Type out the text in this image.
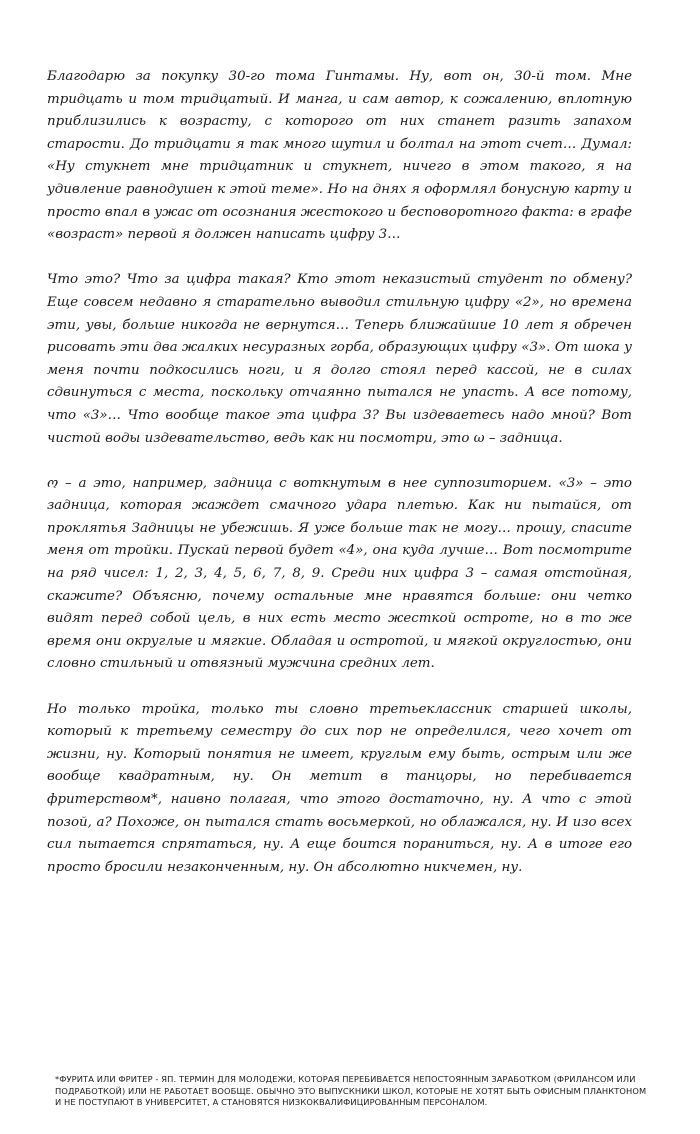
Благодарю за покупку 30-го тома Гинтамы. Ну, вот он, 30-й том. Мне тридцать и том тридцатый. И манга, и сам автор, к сожалению, вплотную приблизились к возрасту, с которого от них станет разить запахом старости. До тридцати я так много шутил и болтал на этот счет… Думал: «Ну стукнет мне тридцатник и стукнет, ничего в этом такого, я на удивление равнодушен к этой теме». Но на днях я оформлял бонусную карту и просто впал в ужас от осознания жестокого и бесповоротного факта: в графе «возраст» первой я должен написать цифру 3…

Что это? Что за цифра такая? Кто этот неказистый студент по обмену? Еще совсем недавно я старательно выводил стильную цифру «2», но времена эти, увы, больше никогда не вернутся… Теперь ближайшие 10 лет я обречен рисовать эти два жалких несуразных горба, образующих цифру «3». От шока у меня почти подкосились ноги, и я долго стоял перед кассой, не в силах сдвинуться с места, поскольку отчаянно пытался не упасть. А все потому, что «3»… Что вообще такое эта цифра 3? Вы издеваетесь надо мной? Вот чистой воды издевательство, ведь как ни посмотри, это ω – задница.

ო – а это, например, задница с воткнутым в нее суппозиторием. «3» – это задница, которая жаждет смачного удара плетью. Как ни пытайся, от проклятья Задницы не убежишь. Я уже больше так не могу… прошу, спасите меня от тройки. Пускай первой будет «4», она куда лучше… Вот посмотрите на ряд чисел: 1, 2, 3, 4, 5, 6, 7, 8, 9. Среди них цифра 3 – самая отстойная, скажите? Объясню, почему остальные мне нравятся больше: они четко видят перед собой цель, в них есть место жесткой остроте, но в то же время они округлые и мягкие. Обладая и остротой, и мягкой округлостью, они словно стильный и отвязный мужчина средних лет.

Но только тройка, только ты словно третьеклассник старшей школы, который к третьему семестру до сих пор не определился, чего хочет от жизни, ну. Который понятия не имеет, круглым ему быть, острым или же вообще квадратным, ну. Он метит в танцоры, но перебивается фритерством*, наивно полагая, что этого достаточно, ну. А что с этой позой, а? Похоже, он пытался стать восьмеркой, но облажался, ну. И изо всех сил пытается спрятаться, ну. А еще боится пораниться, ну. А в итоге его просто бросили незаконченным, ну. Он абсолютно никчемен, ну.

*ФУРИТА ИЛИ ФРИТЕР - ЯП. ТЕРМИН ДЛЯ МОЛОДЕЖИ, КОТОРАЯ ПЕРЕБИВАЕТСЯ НЕПОСТОЯННЫМ ЗАРАБОТКОМ (ФРИЛАНСОМ ИЛИ ПОДРАБОТКОЙ) ИЛИ НЕ РАБОТАЕТ ВООБЩЕ. ОБЫЧНО ЭТО ВЫПУСКНИКИ ШКОЛ, КОТОРЫЕ НЕ ХОТЯТ БЫТЬ ОФИСНЫМ ПЛАНКТОНОМ И НЕ ПОСТУПАЮТ В УНИВЕРСИТЕТ, А СТАНОВЯТСЯ НИЗКОКВАЛИФИЦИРОВАННЫМ ПЕРСОНАЛОМ.
